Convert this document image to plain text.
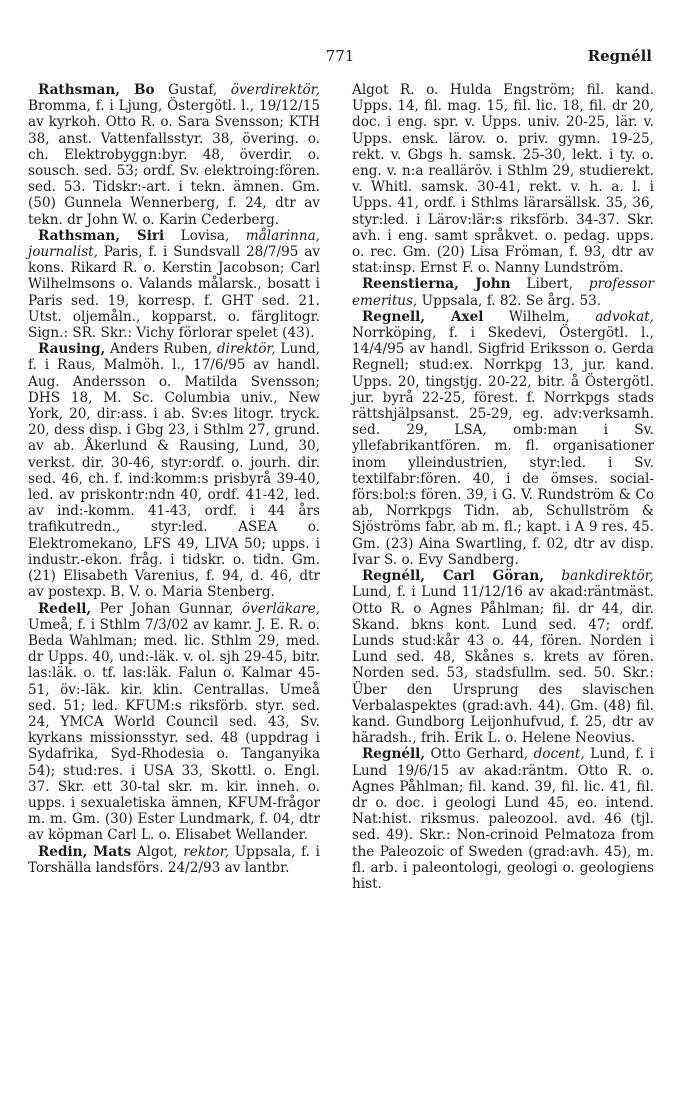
771	Regnéll

Rathsman, Bo Gustaf, överdirektör, Bromma, f. i Ljung, Östergötl. l., 19/12/15 av kyrkoh. Otto R. o. Sara Svensson; KTH 38, anst. Vattenfallsstyr. 38, övering. o. ch. Elektrobyggn:byr. 48, överdir. o. sousch. sed. 53; ordf. Sv. elektroing:fören. sed. 53. Tidskr:-art. i tekn. ämnen. Gm. (50) Gunnela Wennerberg, f. 24, dtr av tekn. dr John W. o. Karin Cederberg.

Rathsman, Siri Lovisa, målarinna, journalist, Paris, f. i Sundsvall 28/7/95 av kons. Rikard R. o. Kerstin Jacobson; Carl Wilhelmsons o. Valands målarsk., bosatt i Paris sed. 19, korresp. f. GHT sed. 21. Utst. oljemåln., kopparst. o. färglitogr. Sign.: SR. Skr.: Vichy förlorar spelet (43).

Rausing, Anders Ruben, direktör, Lund, f. i Raus, Malmöh. l., 17/6/95 av handl. Aug. Andersson o. Matilda Svensson; DHS 18, M. Sc. Columbia univ., New York, 20, dir:ass. i ab. Sv:es litogr. tryck. 20, dess disp. i Gbg 23, i Sthlm 27, grund. av ab. Åkerlund & Rausing, Lund, 30, verkst. dir. 30-46, styr:ordf. o. jourh. dir. sed. 46, ch. f. ind:komm:s prisbyrå 39-40, led. av priskontr:ndn 40, ordf. 41-42, led. av ind:-komm. 41-43, ordf. i 44 års trafikutredn., styr:led. ASEA o. Elektromekano, LFS 49, LIVA 50; upps. i industr.-ekon. fråg. i tidskr. o. tidn. Gm. (21) Elisabeth Varenius, f. 94, d. 46, dtr av postexp. B. V. o. Maria Stenberg.

Redell, Per Johan Gunnar, överläkare, Umeå, f. i Sthlm 7/3/02 av kamr. J. E. R. o. Beda Wahlman; med. lic. Sthlm 29, med. dr Upps. 40, und:-läk. v. ol. sjh 29-45, bitr. las:läk. o. tf. las:läk. Falun o. Kalmar 45-51, öv:-läk. kir. klin. Centrallas. Umeå sed. 51; led. KFUM:s riksförb. styr. sed. 24, YMCA World Council sed. 43, Sv. kyrkans missionsstyr. sed. 48 (uppdrag i Sydafrika, Syd-Rhodesia o. Tanganyika 54); stud:res. i USA 33, Skottl. o. Engl. 37. Skr. ett 30-tal skr. m. kir. inneh. o. upps. i sexualetiska ämnen, KFUM-frågor m. m. Gm. (30) Ester Lundmark, f. 04, dtr av köpman Carl L. o. Elisabet Wellander.

Redin, Mats Algot, rektor, Uppsala, f. i Torshälla landsförs. 24/2/93 av lantbr.

Algot R. o. Hulda Engström; fil. kand. Upps. 14, fil. mag. 15, fil. lic. 18, fil. dr 20, doc. i eng. spr. v. Upps. univ. 20-25, lär. v. Upps. ensk. lärov. o. priv. gymn. 19-25, rekt. v. Gbgs h. samsk. 25-30, lekt. i ty. o. eng. v. n:a realläröv. i Sthlm 29, studierekt. v. Whitl. samsk. 30-41, rekt. v. h. a. l. i Upps. 41, ordf. i Sthlms lärarsällsk. 35, 36, styr:led. i Lärov:lär:s riksförb. 34-37. Skr. avh. i eng. samt språkvet. o. pedag. upps. o. rec. Gm. (20) Lisa Fröman, f. 93, dtr av stat:insp. Ernst F. o. Nanny Lundström.

Reenstierna, John Libert, professor emeritus, Uppsala, f. 82. Se årg. 53.

Regnell, Axel Wilhelm, advokat, Norrköping, f. i Skedevi, Östergötl. l., 14/4/95 av handl. Sigfrid Eriksson o. Gerda Regnell; stud:ex. Norrkpg 13, jur. kand. Upps. 20, tingstjg. 20-22, bitr. å Östergötl. jur. byrå 22-25, förest. f. Norrkpgs stads rättshjälpsanst. 25-29, eg. adv:verksamh. sed. 29, LSA, omb:man i Sv. yllefabrikantfören. m. fl. organisationer inom ylleindustrien, styr:led. i Sv. textilfabr:fören. 40, i de ömses. social-förs:bol:s fören. 39, i G. V. Rundström & Co ab, Norrkpgs Tidn. ab, Schullström & Sjöströms fabr. ab m. fl.; kapt. i A 9 res. 45. Gm. (23) Aina Swartling, f. 02, dtr av disp. Ivar S. o. Evy Sandberg.

Regnéll, Carl Göran, bankdirektör, Lund, f. i Lund 11/12/16 av akad:räntmäst. Otto R. o Agnes Påhlman; fil. dr 44, dir. Skand. bkns kont. Lund sed. 47; ordf. Lunds stud:kår 43 o. 44, fören. Norden i Lund sed. 48, Skånes s. krets av fören. Norden sed. 53, stadsfullm. sed. 50. Skr.: Über den Ursprung des slavischen Verbalaspektes (grad:avh. 44). Gm. (48) fil. kand. Gundborg Leijonhufvud, f. 25, dtr av häradsh., frih. Erik L. o. Helene Neovius.

Regnéll, Otto Gerhard, docent, Lund, f. i Lund 19/6/15 av akad:räntm. Otto R. o. Agnes Påhlman; fil. kand. 39, fil. lic. 41, fil. dr o. doc. i geologi Lund 45, eo. intend. Nat:hist. riksmus. paleozool. avd. 46 (tjl. sed. 49). Skr.: Non-crinoid Pelmatoza from the Paleozoic of Sweden (grad:avh. 45), m. fl. arb. i paleontologi, geologi o. geologiens hist.
